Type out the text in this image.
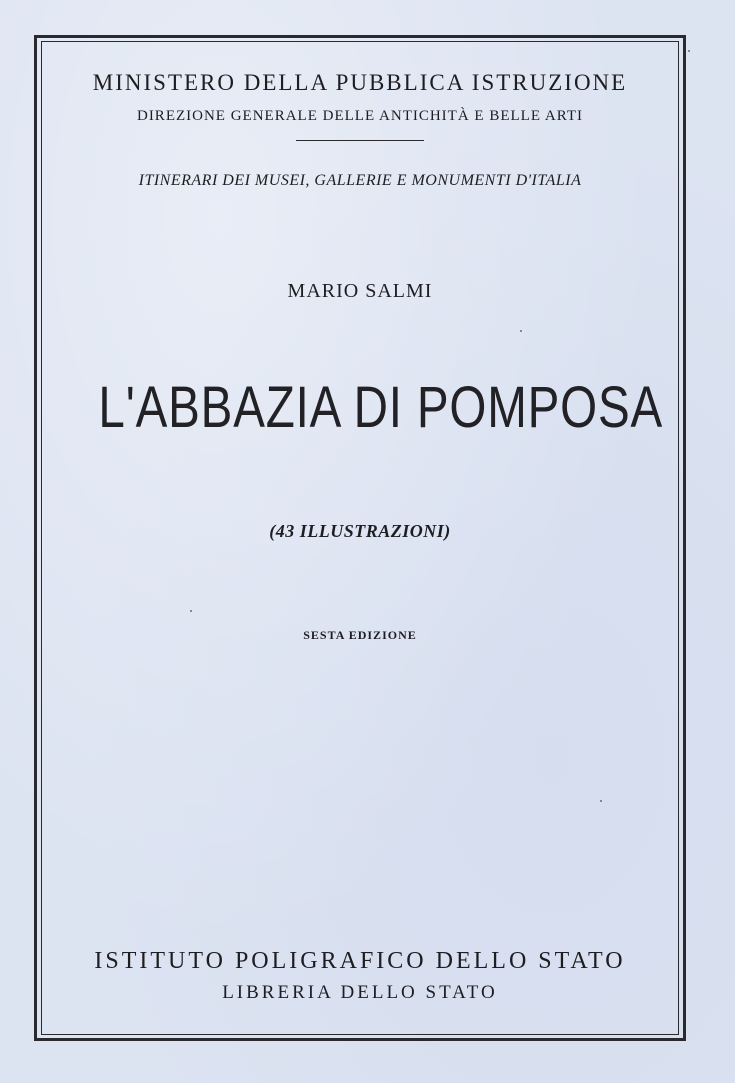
MINISTERO DELLA PUBBLICA ISTRUZIONE
DIREZIONE GENERALE DELLE ANTICHITÀ E BELLE ARTI
ITINERARI DEI MUSEI, GALLERIE E MONUMENTI D'ITALIA
MARIO SALMI
L'ABBAZIA DI POMPOSA
(43 ILLUSTRAZIONI)
SESTA EDIZIONE
ISTITUTO POLIGRAFICO DELLO STATO
LIBRERIA DELLO STATO
